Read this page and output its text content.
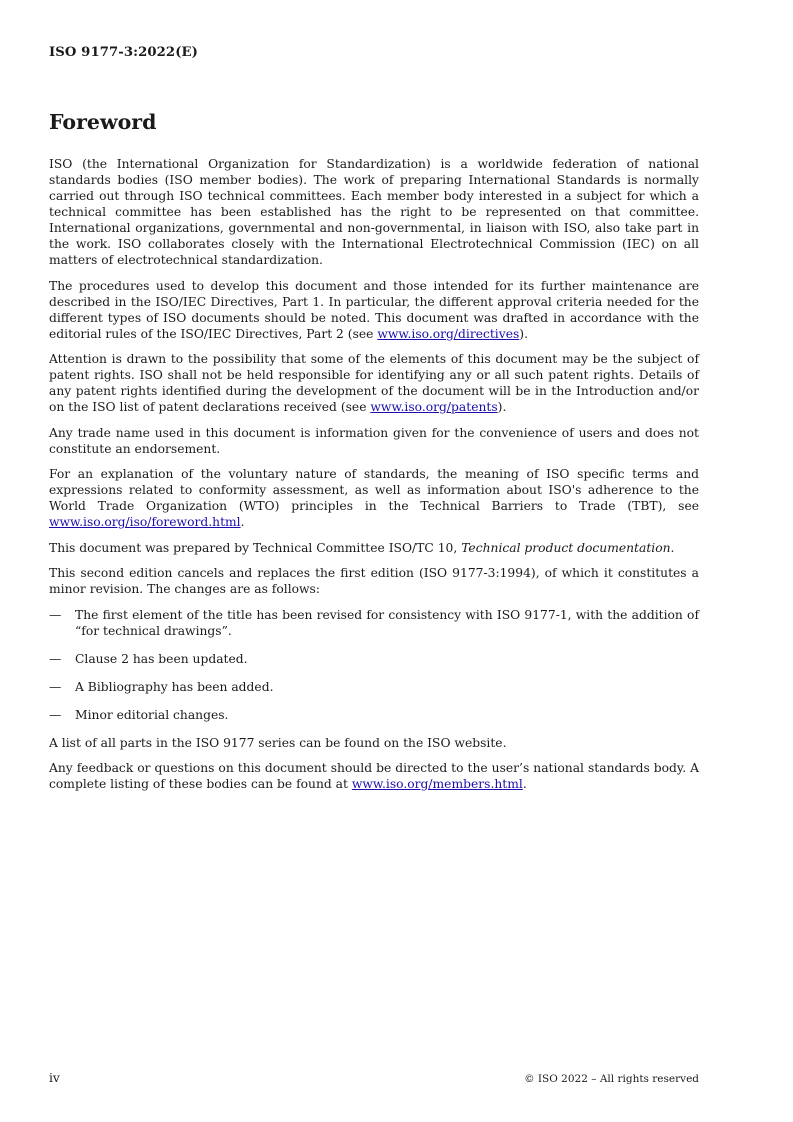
ISO 9177-3:2022(E)

Foreword

ISO (the International Organization for Standardization) is a worldwide federation of national standards bodies (ISO member bodies). The work of preparing International Standards is normally carried out through ISO technical committees. Each member body interested in a subject for which a technical committee has been established has the right to be represented on that committee. International organizations, governmental and non-governmental, in liaison with ISO, also take part in the work. ISO collaborates closely with the International Electrotechnical Commission (IEC) on all matters of electrotechnical standardization.

The procedures used to develop this document and those intended for its further maintenance are described in the ISO/IEC Directives, Part 1. In particular, the different approval criteria needed for the different types of ISO documents should be noted. This document was drafted in accordance with the editorial rules of the ISO/IEC Directives, Part 2 (see www.iso.org/directives).

Attention is drawn to the possibility that some of the elements of this document may be the subject of patent rights. ISO shall not be held responsible for identifying any or all such patent rights. Details of any patent rights identified during the development of the document will be in the Introduction and/or on the ISO list of patent declarations received (see www.iso.org/patents).

Any trade name used in this document is information given for the convenience of users and does not constitute an endorsement.

For an explanation of the voluntary nature of standards, the meaning of ISO specific terms and expressions related to conformity assessment, as well as information about ISO's adherence to the World Trade Organization (WTO) principles in the Technical Barriers to Trade (TBT), see www.iso.org/iso/foreword.html.

This document was prepared by Technical Committee ISO/TC 10, Technical product documentation.

This second edition cancels and replaces the first edition (ISO 9177-3:1994), of which it constitutes a minor revision. The changes are as follows:

— The first element of the title has been revised for consistency with ISO 9177-1, with the addition of “for technical drawings”.
— Clause 2 has been updated.
— A Bibliography has been added.
— Minor editorial changes.

A list of all parts in the ISO 9177 series can be found on the ISO website.

Any feedback or questions on this document should be directed to the user’s national standards body. A complete listing of these bodies can be found at www.iso.org/members.html.

iv	© ISO 2022 – All rights reserved
